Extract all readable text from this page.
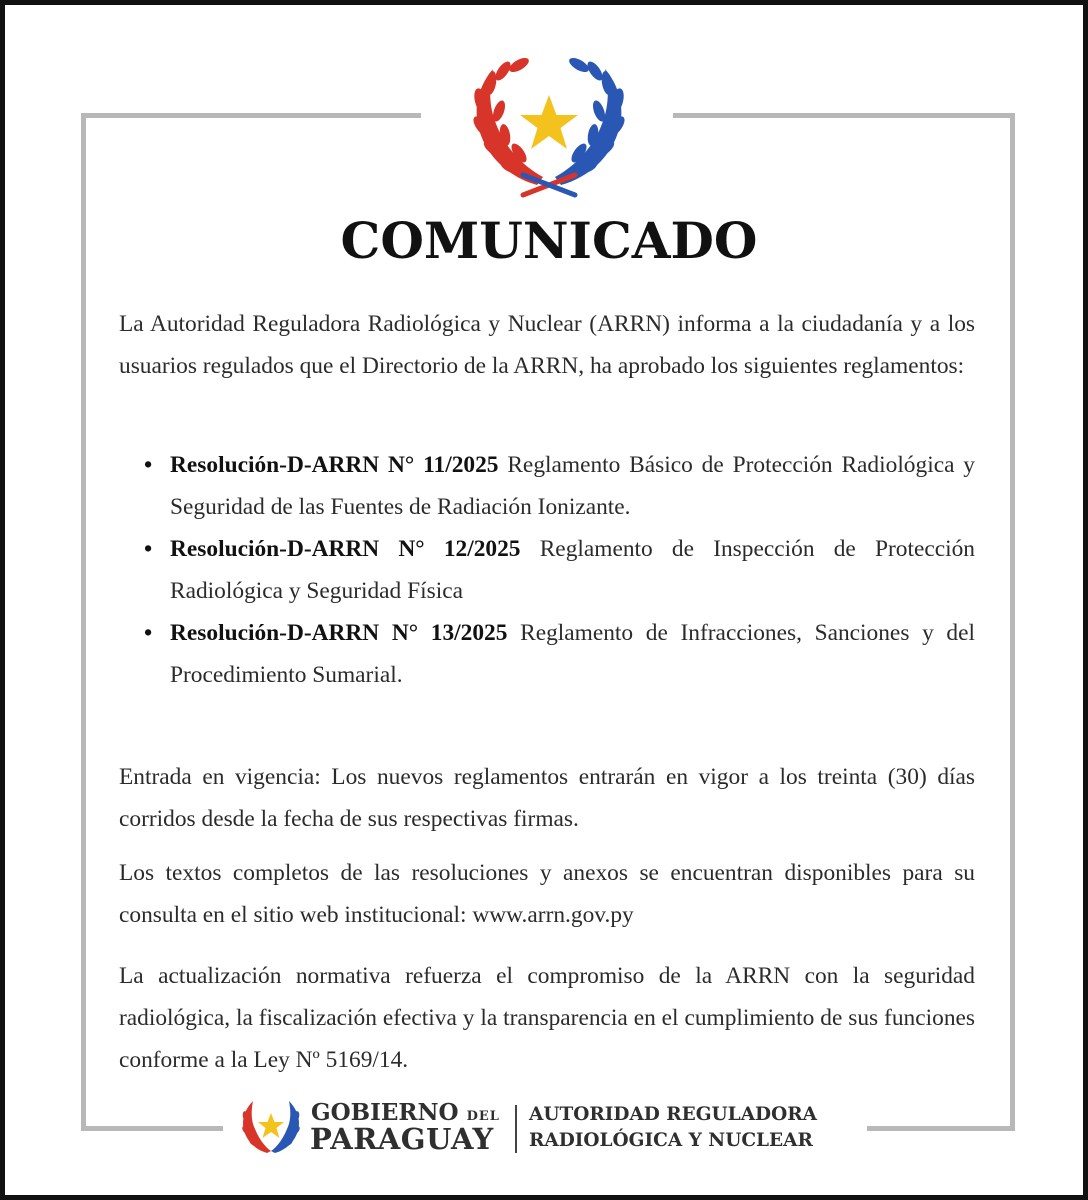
COMUNICADO
La Autoridad Reguladora Radiológica y Nuclear (ARRN) informa a la ciudadanía y a los usuarios regulados que el Directorio de la ARRN, ha aprobado los siguientes reglamentos:
• Resolución-D-ARRN N° 11/2025 Reglamento Básico de Protección Radiológica y Seguridad de las Fuentes de Radiación Ionizante.
• Resolución-D-ARRN N° 12/2025 Reglamento de Inspección de Protección Radiológica y Seguridad Física
• Resolución-D-ARRN N° 13/2025 Reglamento de Infracciones, Sanciones y del Procedimiento Sumarial.
Entrada en vigencia: Los nuevos reglamentos entrarán en vigor a los treinta (30) días corridos desde la fecha de sus respectivas firmas.
Los textos completos de las resoluciones y anexos se encuentran disponibles para su consulta en el sitio web institucional: www.arrn.gov.py
La actualización normativa refuerza el compromiso de la ARRN con la seguridad radiológica, la fiscalización efectiva y la transparencia en el cumplimiento de sus funciones conforme a la Ley Nº 5169/14.
GOBIERNO DEL
PARAGUAY
AUTORIDAD REGULADORA
RADIOLÓGICA Y NUCLEAR
